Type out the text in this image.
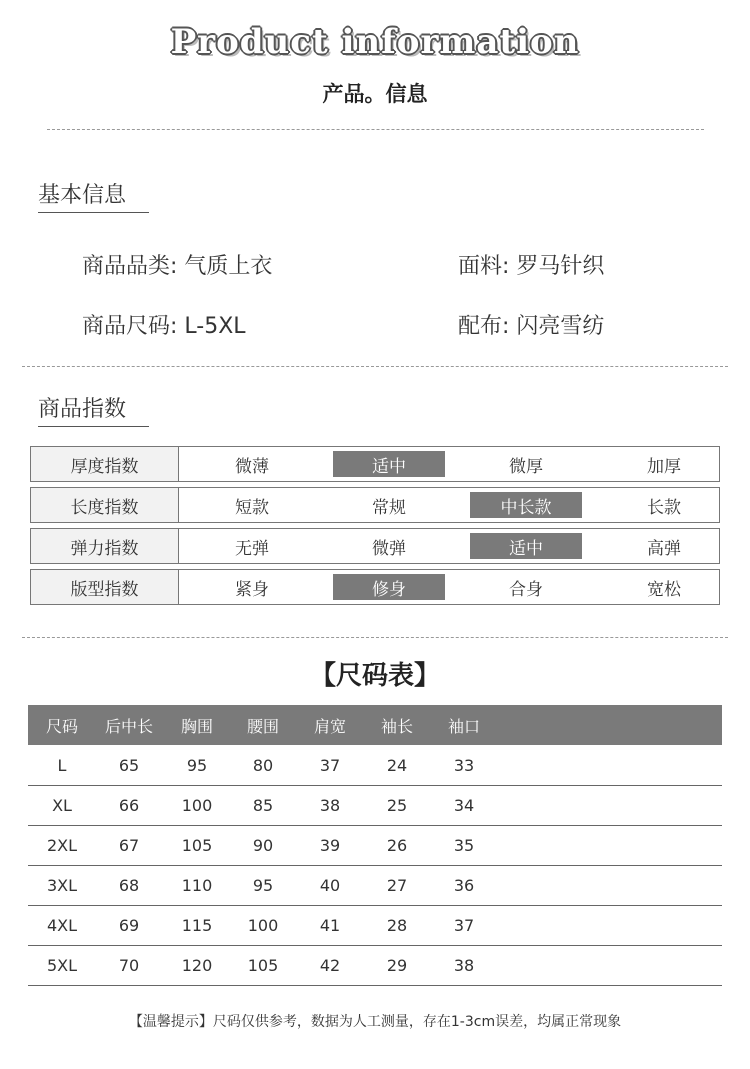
Product information
产品。信息
基本信息
商品品类: 气质上衣	面料: 罗马针织
商品尺码: L-5XL	配布: 闪亮雪纺
商品指数
厚度指数	微薄	适中	微厚	加厚
长度指数	短款	常规	中长款	长款
弹力指数	无弹	微弹	适中	高弹
版型指数	紧身	修身	合身	宽松
【尺码表】
尺码	后中长	胸围	腰围	肩宽	袖长	袖口
L	65	95	80	37	24	33
XL	66	100	85	38	25	34
2XL	67	105	90	39	26	35
3XL	68	110	95	40	27	36
4XL	69	115	100	41	28	37
5XL	70	120	105	42	29	38
【温馨提示】尺码仅供参考，数据为人工测量，存在1-3cm误差，均属正常现象
